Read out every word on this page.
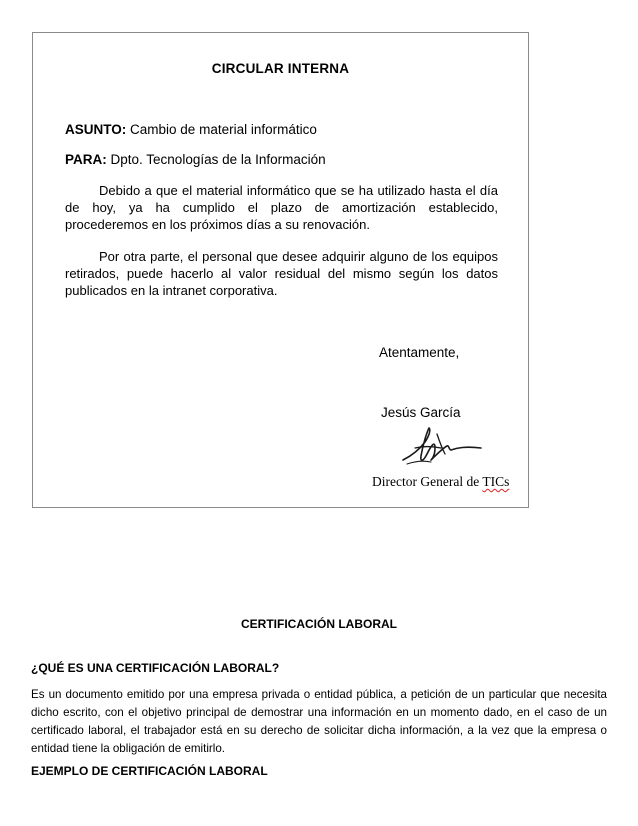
CIRCULAR INTERNA
ASUNTO: Cambio de material informático
PARA: Dpto. Tecnologías de la Información
Debido a que el material informático que se ha utilizado hasta el día de hoy, ya ha cumplido el plazo de amortización establecido, procederemos en los próximos días a su renovación.
Por otra parte, el personal que desee adquirir alguno de los equipos retirados, puede hacerlo al valor residual del mismo según los datos publicados en la intranet corporativa.
Atentamente,
Jesús García
Director General de TICs
CERTIFICACIÓN LABORAL
¿QUÉ ES UNA CERTIFICACIÓN LABORAL?
Es un documento emitido por una empresa privada o entidad pública, a petición de un particular que necesita dicho escrito, con el objetivo principal de demostrar una información en un momento dado, en el caso de un certificado laboral, el trabajador está en su derecho de solicitar dicha información, a la vez que la empresa o entidad tiene la obligación de emitirlo.
EJEMPLO DE CERTIFICACIÓN LABORAL
